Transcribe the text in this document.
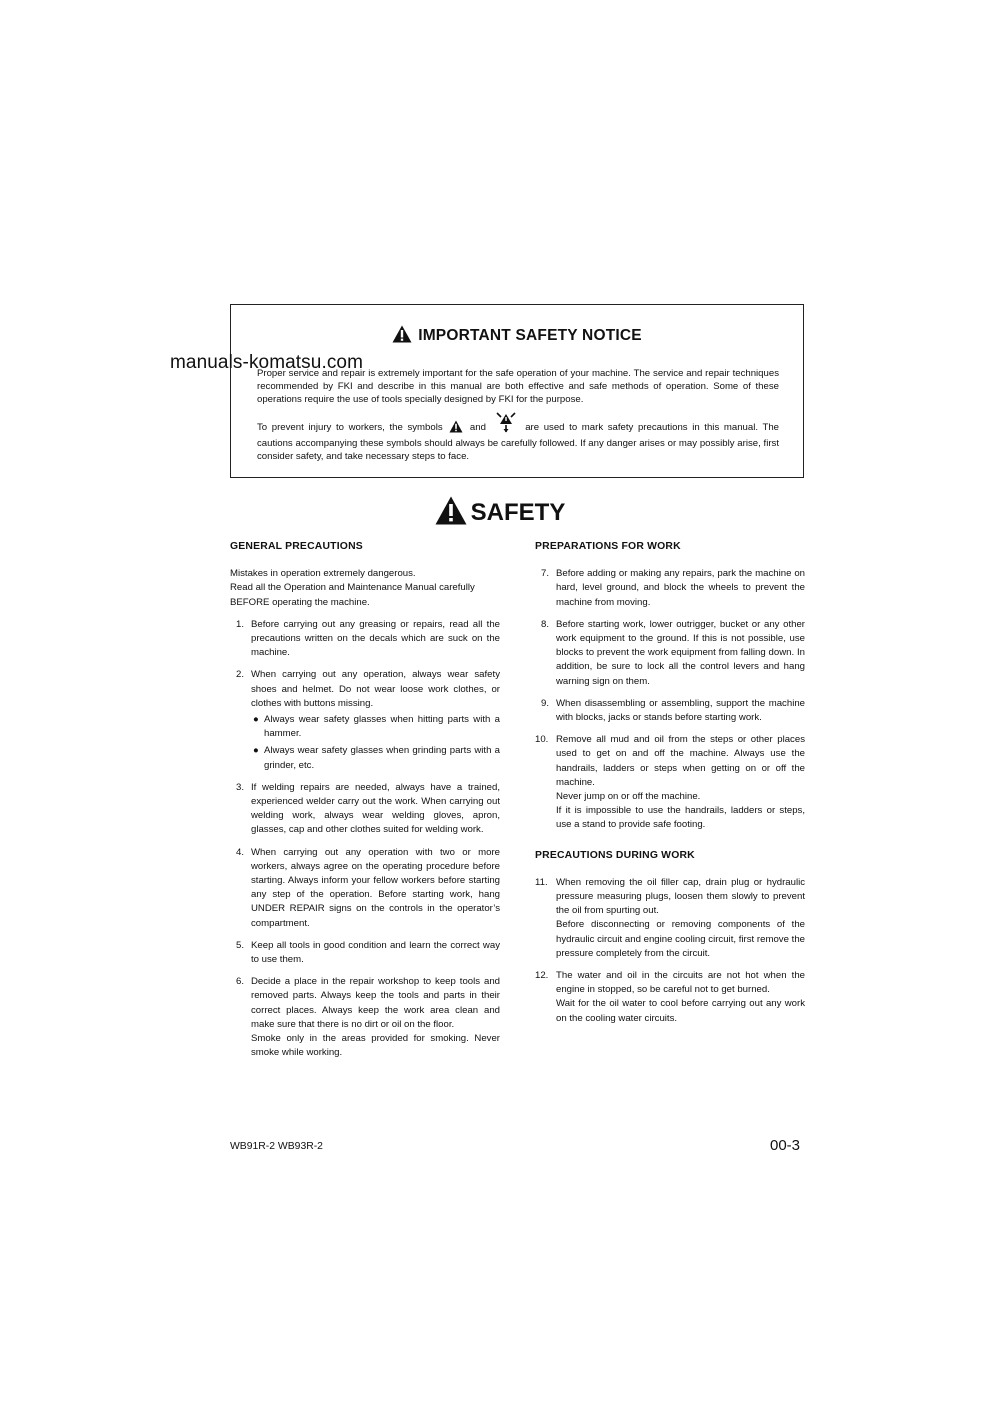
IMPORTANT SAFETY NOTICE

Proper service and repair is extremely important for the safe operation of your machine. The service and repair techniques recommended by FKI and describe in this manual are both effective and safe methods of operation. Some of these operations require the use of tools specially designed by FKI for the purpose.

To prevent injury to workers, the symbols	and	are used to mark safety precautions in this manual. The cautions accompanying these symbols should always be carefully followed. If any danger arises or may possibly arise, first consider safety, and take necessary steps to face.

manuals-komatsu.com
SAFETY
GENERAL PRECAUTIONS
Mistakes in operation extremely dangerous.
Read all the Operation and Maintenance Manual carefully BEFORE operating the machine.
1. Before carrying out any greasing or repairs, read all the precautions written on the decals which are suck on the machine.

2. When carrying out any operation, always wear safety shoes and helmet. Do not wear loose work clothes, or clothes with buttons missing.

● Always wear safety glasses when hitting parts with a hammer.
● Always wear safety glasses when grinding parts with a grinder, etc.
3. If welding repairs are needed, always have a trained, experienced welder carry out the work. When carrying out welding work, always wear welding gloves, apron, glasses, cap and other clothes suited for welding work.

4. When carrying out any operation with two or more workers, always agree on the operating procedure before starting. Always inform your fellow workers before starting any step of the operation. Before starting work, hang UNDER REPAIR signs on the controls in the operator’s compartment.

5. Keep all tools in good condition and learn the correct way to use them.

6. Decide a place in the repair workshop to keep tools and removed parts. Always keep the tools and parts in their correct places. Always keep the work area clean and make sure that there is no dirt or oil on the floor.

Smoke only in the areas provided for smoking. Never smoke while working.

PREPARATIONS FOR WORK
7. Before adding or making any repairs, park the machine on hard, level ground, and block the wheels to prevent the machine from moving.

8. Before starting work, lower outrigger, bucket or any other work equipment to the ground. If this is not possible, use blocks to prevent the work equipment from falling down. In addition, be sure to lock all the control levers and hang warning sign on them.

9. When disassembling or assembling, support the machine with blocks, jacks or stands before starting work.

10. Remove all mud and oil from the steps or other places used to get on and off the machine. Always use the handrails, ladders or steps when getting on or off the machine.

Never jump on or off the machine.

If it is impossible to use the handrails, ladders or steps, use a stand to provide safe footing.

PRECAUTIONS DURING WORK
11. When removing the oil filler cap, drain plug or hydraulic pressure measuring plugs, loosen them slowly to prevent the oil from spurting out.

Before disconnecting or removing components of the hydraulic circuit and engine cooling circuit, first remove the pressure completely from the circuit.

12. The water and oil in the circuits are not hot when the engine in stopped, so be careful not to get burned.

Wait for the oil water to cool before carrying out any work on the cooling water circuits.

WB91R-2 WB93R-2	00-3
